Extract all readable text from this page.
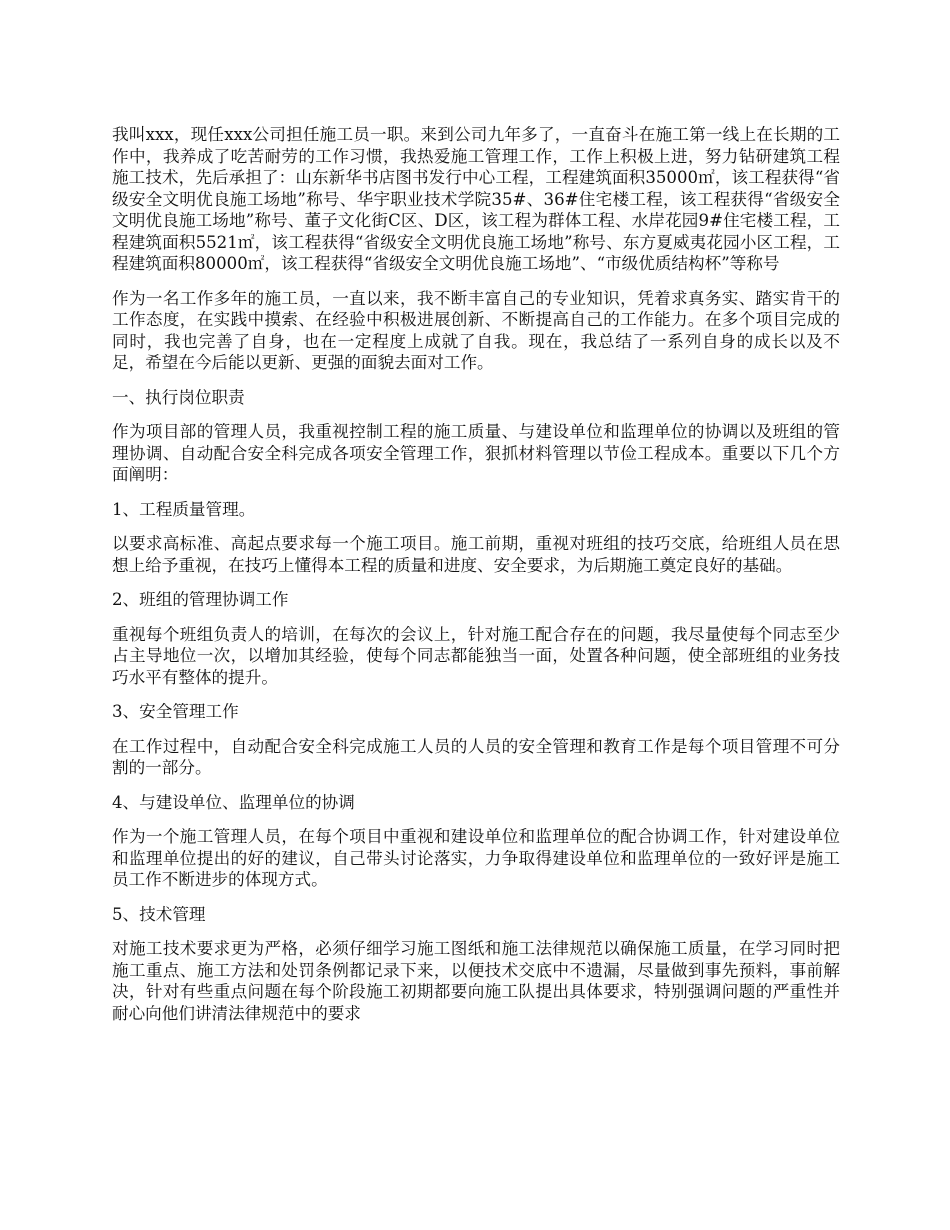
我叫xxx，现任xxx公司担任施工员一职。来到公司九年多了，一直奋斗在施工第一线上在长期的工作中，我养成了吃苦耐劳的工作习惯，我热爱施工管理工作，工作上积极上进，努力钻研建筑工程施工技术，先后承担了：山东新华书店图书发行中心工程，工程建筑面积35000㎡，该工程获得“省级安全文明优良施工场地”称号、华宇职业技术学院35#、36#住宅楼工程，该工程获得“省级安全文明优良施工场地”称号、董子文化街C区、D区，该工程为群体工程、水岸花园9#住宅楼工程，工程建筑面积5521㎡，该工程获得“省级安全文明优良施工场地”称号、东方夏威夷花园小区工程，工程建筑面积80000㎡，该工程获得“省级安全文明优良施工场地”、“市级优质结构杯”等称号

作为一名工作多年的施工员，一直以来，我不断丰富自己的专业知识，凭着求真务实、踏实肯干的工作态度，在实践中摸索、在经验中积极进展创新、不断提高自己的工作能力。在多个项目完成的同时，我也完善了自身，也在一定程度上成就了自我。现在，我总结了一系列自身的成长以及不足，希望在今后能以更新、更强的面貌去面对工作。

一、执行岗位职责

作为项目部的管理人员，我重视控制工程的施工质量、与建设单位和监理单位的协调以及班组的管理协调、自动配合安全科完成各项安全管理工作，狠抓材料管理以节俭工程成本。重要以下几个方面阐明：

1、工程质量管理。

以要求高标准、高起点要求每一个施工项目。施工前期，重视对班组的技巧交底，给班组人员在思想上给予重视，在技巧上懂得本工程的质量和进度、安全要求，为后期施工奠定良好的基础。

2、班组的管理协调工作

重视每个班组负责人的培训，在每次的会议上，针对施工配合存在的问题，我尽量使每个同志至少占主导地位一次，以增加其经验，使每个同志都能独当一面，处置各种问题，使全部班组的业务技巧水平有整体的提升。

3、安全管理工作

在工作过程中，自动配合安全科完成施工人员的人员的安全管理和教育工作是每个项目管理不可分割的一部分。

4、与建设单位、监理单位的协调

作为一个施工管理人员，在每个项目中重视和建设单位和监理单位的配合协调工作，针对建设单位和监理单位提出的好的建议，自己带头讨论落实，力争取得建设单位和监理单位的一致好评是施工员工作不断进步的体现方式。

5、技术管理

对施工技术要求更为严格，必须仔细学习施工图纸和施工法律规范以确保施工质量，在学习同时把施工重点、施工方法和处罚条例都记录下来，以便技术交底中不遗漏，尽量做到事先预料，事前解决，针对有些重点问题在每个阶段施工初期都要向施工队提出具体要求，特别强调问题的严重性并耐心向他们讲清法律规范中的要求
